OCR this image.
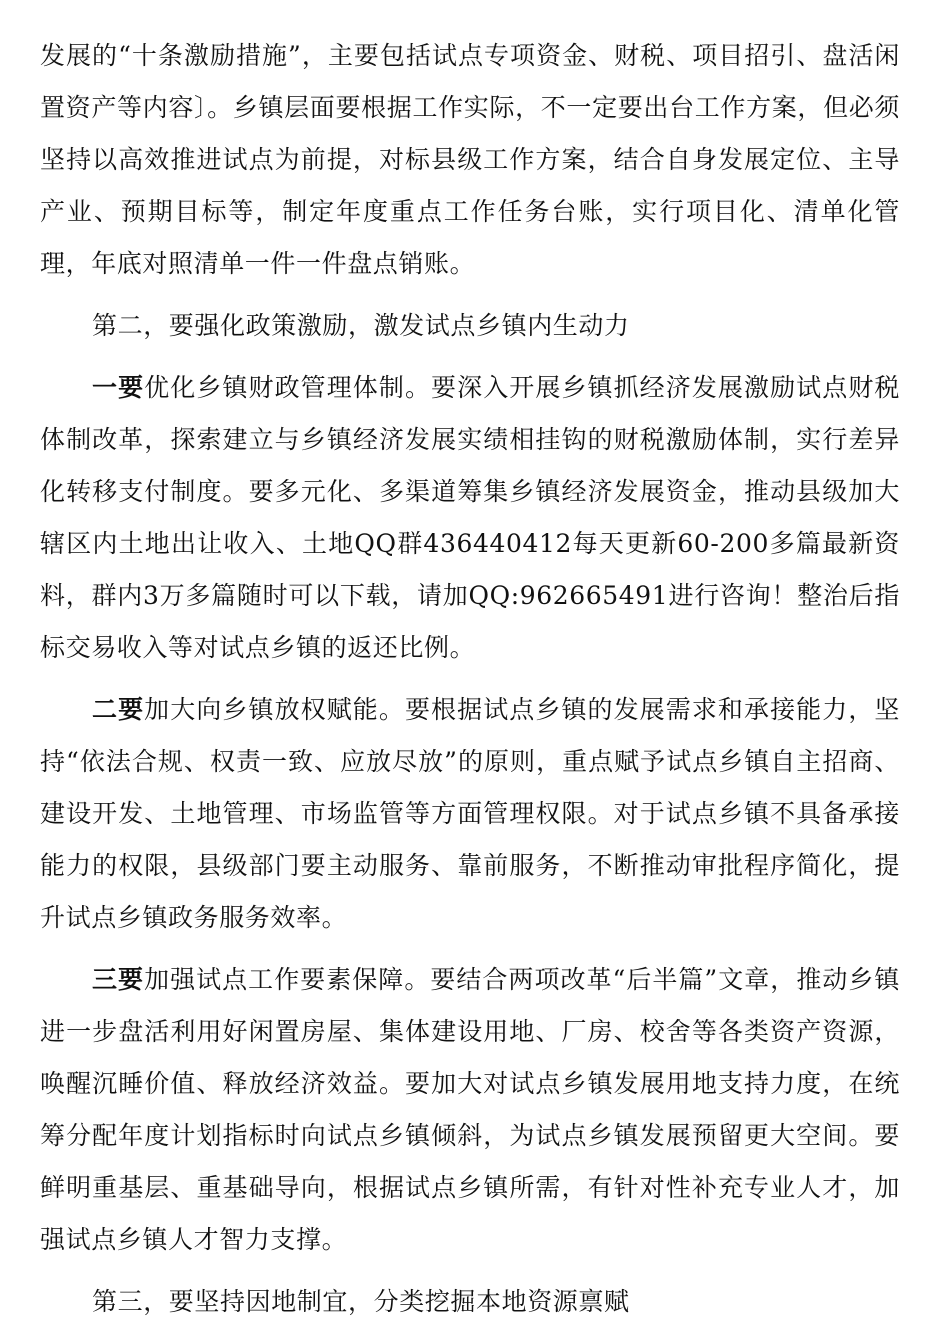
发展的“十条激励措施”，主要包括试点专项资金、财税、项目招引、盘活闲置资产等内容〕。乡镇层面要根据工作实际，不一定要出台工作方案，但必须坚持以高效推进试点为前提，对标县级工作方案，结合自身发展定位、主导产业、预期目标等，制定年度重点工作任务台账，实行项目化、清单化管理，年底对照清单一件一件盘点销账。

第二，要强化政策激励，激发试点乡镇内生动力

一要优化乡镇财政管理体制。要深入开展乡镇抓经济发展激励试点财税体制改革，探索建立与乡镇经济发展实绩相挂钩的财税激励体制，实行差异化转移支付制度。要多元化、多渠道筹集乡镇经济发展资金，推动县级加大辖区内土地出让收入、土地QQ群436440412每天更新60-200多篇最新资料，群内3万多篇随时可以下载，请加QQ:962665491进行咨询！整治后指标交易收入等对试点乡镇的返还比例。

二要加大向乡镇放权赋能。要根据试点乡镇的发展需求和承接能力，坚持“依法合规、权责一致、应放尽放”的原则，重点赋予试点乡镇自主招商、建设开发、土地管理、市场监管等方面管理权限。对于试点乡镇不具备承接能力的权限，县级部门要主动服务、靠前服务，不断推动审批程序简化，提升试点乡镇政务服务效率。

三要加强试点工作要素保障。要结合两项改革“后半篇”文章，推动乡镇进一步盘活利用好闲置房屋、集体建设用地、厂房、校舍等各类资产资源，唤醒沉睡价值、释放经济效益。要加大对试点乡镇发展用地支持力度，在统筹分配年度计划指标时向试点乡镇倾斜，为试点乡镇发展预留更大空间。要鲜明重基层、重基础导向，根据试点乡镇所需，有针对性补充专业人才，加强试点乡镇人才智力支撑。

第三，要坚持因地制宜，分类挖掘本地资源禀赋
